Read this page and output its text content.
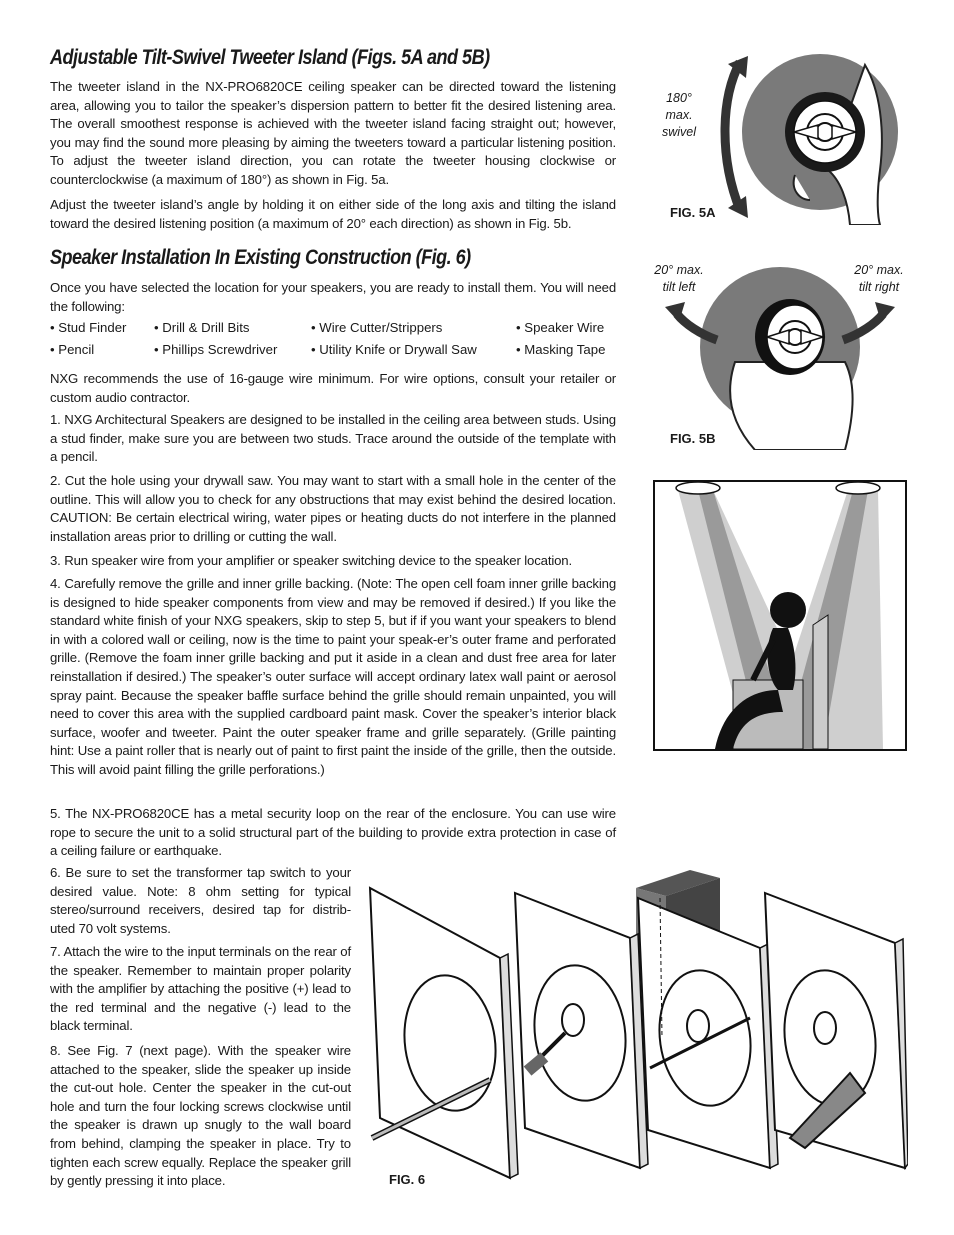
Adjustable Tilt-Swivel Tweeter Island (Figs. 5A and 5B)

The tweeter island in the NX-PRO6820CE ceiling speaker can be directed toward the listening area, allowing you to tailor the speaker’s dispersion pattern to better fit the desired listening area. The overall smoothest response is achieved with the tweeter island facing straight out; however, you may find the sound more pleasing by aiming the tweeters toward a particular listening position. To adjust the tweeter island direction, you can rotate the tweeter housing clockwise or counterclockwise (a maximum of 180°) as shown in Fig. 5a.

Adjust the tweeter island’s angle by holding it on either side of the long axis and tilting the island toward the desired listening position (a maximum of 20° each direction) as shown in Fig. 5b.

Speaker Installation In Existing Construction (Fig. 6)

Once you have selected the location for your speakers, you are ready to install them. You will need the following:

• Stud Finder • Drill & Drill Bits	• Wire Cutter/Strippers	• Speaker Wire
• Pencil	• Phillips Screwdriver	• Utility Knife or Drywall Saw	• Masking Tape

NXG recommends the use of 16-gauge wire minimum. For wire options, consult your retailer or custom audio contractor.

1. NXG Architectural Speakers are designed to be installed in the ceiling area between studs. Using a stud finder, make sure you are between two studs. Trace around the outside of the template with a pencil.

2. Cut the hole using your drywall saw. You may want to start with a small hole in the center of the outline. This will allow you to check for any obstructions that may exist behind the desired location. CAUTION: Be certain electrical wiring, water pipes or heating ducts do not interfere in the planned installation areas prior to drilling or cutting the wall.

3. Run speaker wire from your amplifier or speaker switching device to the speaker location.

4. Carefully remove the grille and inner grille backing. (Note: The open cell foam inner grille backing is designed to hide speaker components from view and may be removed if desired.) If you like the standard white finish of your NXG speakers, skip to step 5, but if if you want your speakers to blend in with a colored wall or ceiling, now is the time to paint your speak-er’s outer frame and perforated grille. (Remove the foam inner grille backing and put it aside in a clean and dust free area for later reinstallation if desired.) The speaker’s outer surface will accept ordinary latex wall paint or aerosol spray paint. Because the speaker baffle surface behind the grille should remain unpainted, you will need to cover this area with the supplied cardboard paint mask. Cover the speaker’s interior black surface, woofer and tweeter. Paint the outer speaker frame and grille separately. (Grille painting hint: Use a paint roller that is nearly out of paint to first paint the inside of the grille, then the outside. This will avoid paint filling the grille perforations.)

5. The NX-PRO6820CE has a metal security loop on the rear of the enclosure. You can use wire rope to secure the unit to a solid structural part of the building to provide extra protection in case of a ceiling failure or earthquake.

6. Be sure to set the transformer tap switch to your desired value. Note: 8 ohm setting for typical stereo/surround receivers, desired tap for distrib-uted 70 volt systems.

7. Attach the wire to the input terminals on the rear of the speaker. Remember to maintain proper polarity with the amplifier by attaching the positive (+) lead to the red terminal and the negative (-) lead to the black terminal.

8. See Fig. 7 (next page). With the speaker wire attached to the speaker, slide the speaker up inside the cut-out hole. Center the speaker in the cut-out hole and turn the four locking screws clockwise until the speaker is drawn up snugly to the wall board from behind, clamping the speaker in place. Try to tighten each screw equally. Replace the speaker grill by gently pressing it into place.

180°
max.
swivel
FIG. 5A
20° max.
tilt left
20° max.
tilt right
FIG. 5B
FIG. 6
